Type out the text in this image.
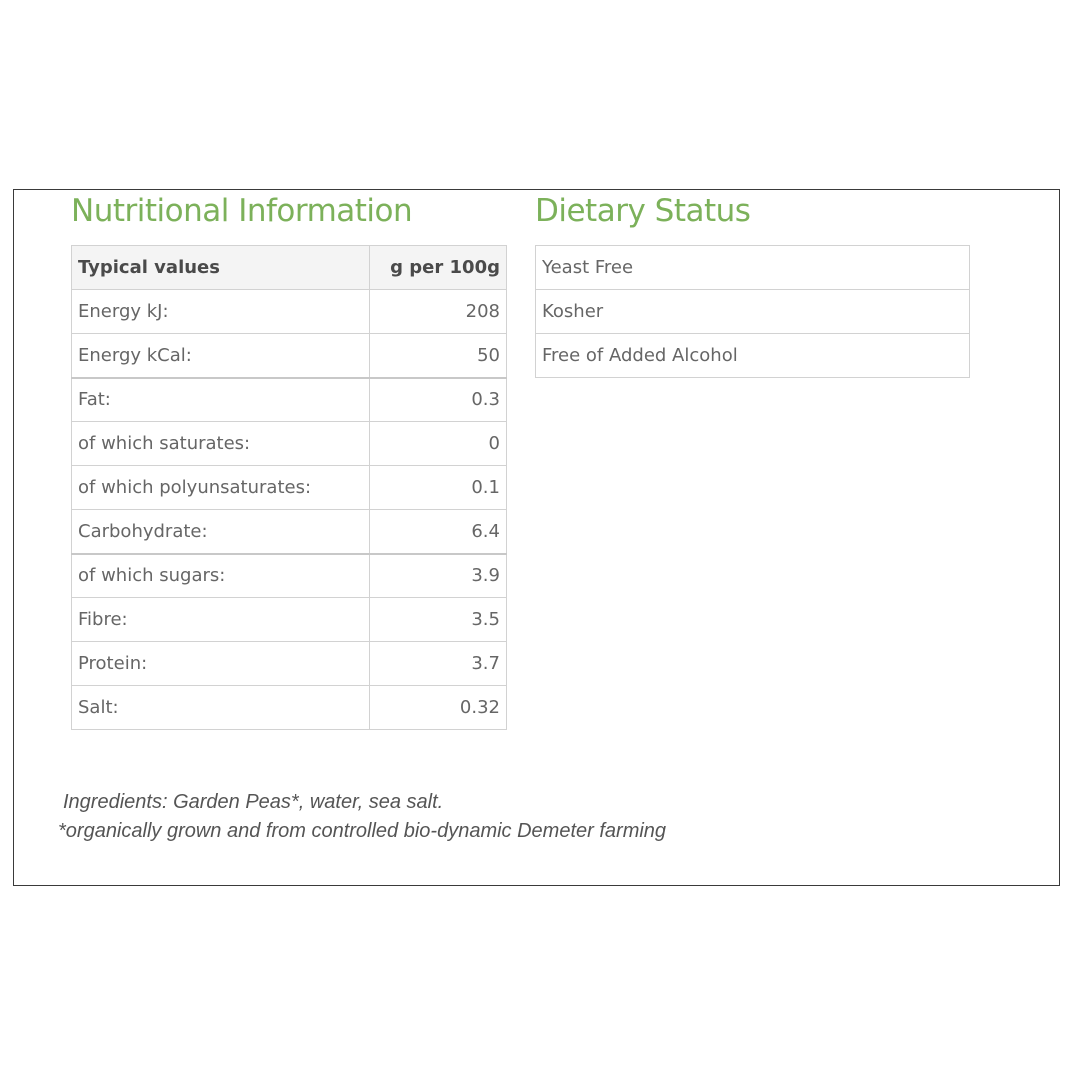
Nutritional Information	Dietary Status
Typical values	g per 100g
Energy kJ:	208
Energy kCal:	50
Fat:	0.3
of which saturates:	0
of which polyunsaturates:	0.1
Carbohydrate:	6.4
of which sugars:	3.9
Fibre:	3.5
Protein:	3.7
Salt:	0.32
Yeast Free
Kosher
Free of Added Alcohol
Ingredients: Garden Peas*, water, sea salt.
*organically grown and from controlled bio-dynamic Demeter farming
